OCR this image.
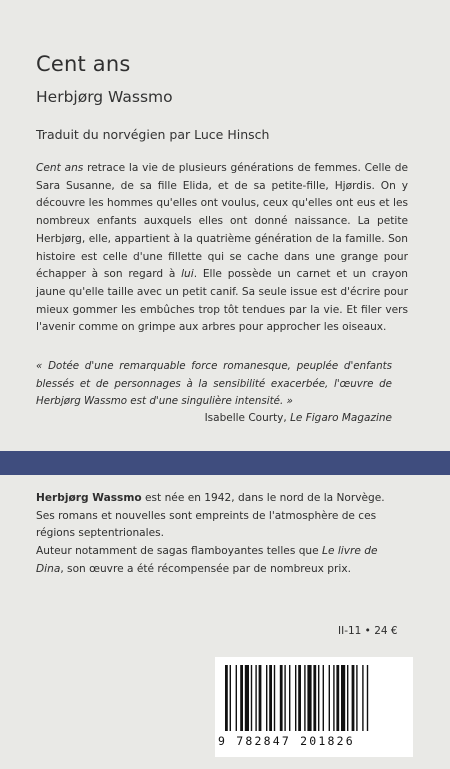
Cent ans
Herbjørg Wassmo
Traduit du norvégien par Luce Hinsch

Cent ans retrace la vie de plusieurs générations de femmes. Celle de Sara Susanne, de sa fille Elida, et de sa petite-fille, Hjørdis. On y découvre les hommes qu'elles ont voulus, ceux qu'elles ont eus et les nombreux enfants auxquels elles ont donné naissance. La petite Herbjørg, elle, appartient à la quatrième génération de la famille. Son histoire est celle d'une fillette qui se cache dans une grange pour échapper à son regard à lui. Elle possède un carnet et un crayon jaune qu'elle taille avec un petit canif. Sa seule issue est d'écrire pour mieux gommer les embûches trop tôt tendues par la vie. Et filer vers l'avenir comme on grimpe aux arbres pour approcher les oiseaux.

« Dotée d'une remarquable force romanesque, peuplée d'enfants blessés et de personnages à la sensibilité exacerbée, l'œuvre de Herbjørg Wassmo est d'une singulière intensité. »

Isabelle Courty, Le Figaro Magazine

Herbjørg Wassmo est née en 1942, dans le nord de la Norvège. Ses romans et nouvelles sont empreints de l'atmosphère de ces régions septentrionales.
Auteur notamment de sagas flamboyantes telles que Le livre de Dina, son œuvre a été récompensée par de nombreux prix.

II-11 • 24 €
9 782847 201826
